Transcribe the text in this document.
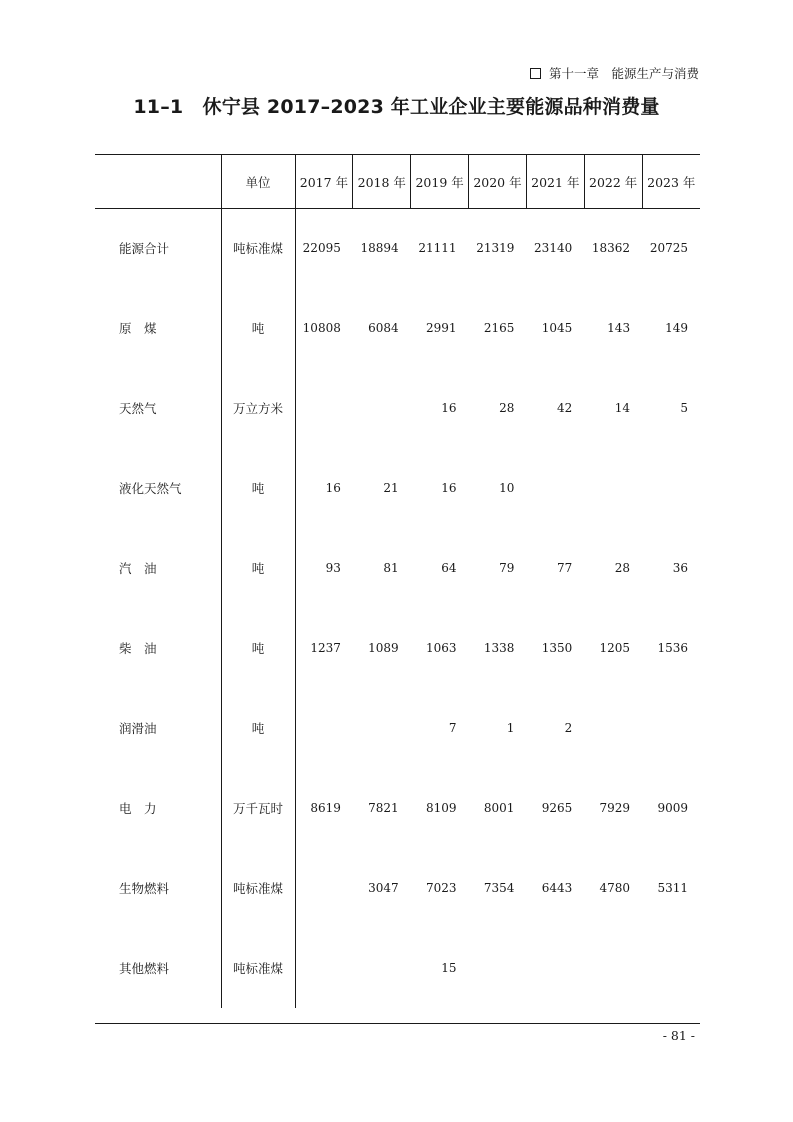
第十一章　能源生产与消费
11–1　休宁县 2017–2023 年工业企业主要能源品种消费量
	单位	2017 年	2018 年	2019 年	2020 年	2021 年	2022 年	2023 年
能源合计	吨标准煤	22095	18894	21111	21319	23140	18362	20725
原　煤	吨	10808	6084	2991	2165	1045	143	149
天然气	万立方米			16	28	42	14	5
液化天然气	吨	16	21	16	10			
汽　油	吨	93	81	64	79	77	28	36
柴　油	吨	1237	1089	1063	1338	1350	1205	1536
润滑油	吨			7	1	2		
电　力	万千瓦时	8619	7821	8109	8001	9265	7929	9009
生物燃料	吨标准煤		3047	7023	7354	6443	4780	5311
其他燃料	吨标准煤			15				
- 81 -
